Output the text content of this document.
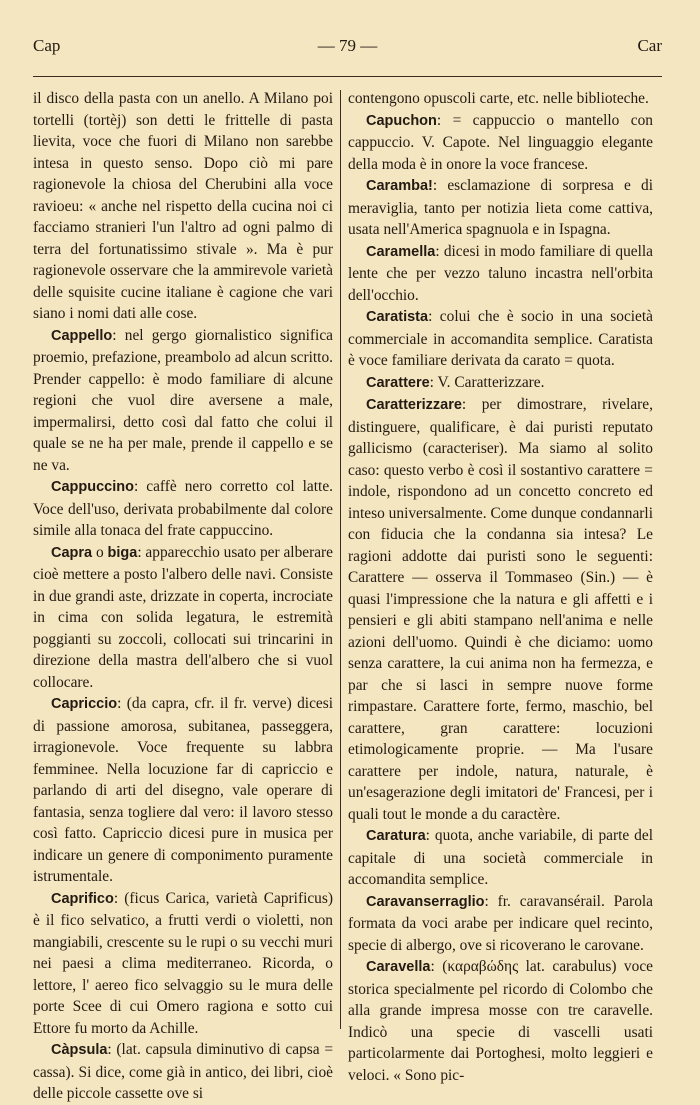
Cap	— 79 —	Car

il disco della pasta con un anello. A Milano poi tortelli (tortèj) son detti le frittelle di pasta lievita, voce che fuori di Milano non sarebbe intesa in questo senso. Dopo ciò mi pare ragionevole la chiosa del Cherubini alla voce ravioeu: « anche nel rispetto della cucina noi ci facciamo stranieri l'un l'altro ad ogni palmo di terra del fortunatissimo stivale ». Ma è pur ragionevole osservare che la ammirevole varietà delle squisite cucine italiane è cagione che vari siano i nomi dati alle cose.

Cappello: nel gergo giornalistico significa proemio, prefazione, preambolo ad alcun scritto. Prender cappello: è modo familiare di alcune regioni che vuol dire aversene a male, impermalirsi, detto così dal fatto che colui il quale se ne ha per male, prende il cappello e se ne va.

Cappuccino: caffè nero corretto col latte. Voce dell'uso, derivata probabilmente dal colore simile alla tonaca del frate cappuccino.

Capra o biga: apparecchio usato per alberare cioè mettere a posto l'albero delle navi. Consiste in due grandi aste, drizzate in coperta, incrociate in cima con solida legatura, le estremità poggianti su zoccoli, collocati sui trincarini in direzione della mastra dell'albero che si vuol collocare.

Capriccio: (da capra, cfr. il fr. verve) dicesi di passione amorosa, subitanea, passeggera, irragionevole. Voce frequente su labbra femminee. Nella locuzione far di capriccio e parlando di arti del disegno, vale operare di fantasia, senza togliere dal vero: il lavoro stesso così fatto. Capriccio dicesi pure in musica per indicare un genere di componimento puramente istrumentale.

Caprifico: (ficus Carica, varietà Caprificus) è il fico selvatico, a frutti verdi o violetti, non mangiabili, crescente su le rupi o su vecchi muri nei paesi a clima mediterraneo. Ricorda, o lettore, l' aereo fico selvaggio su le mura delle porte Scee di cui Omero ragiona e sotto cui Ettore fu morto da Achille.

Càpsula: (lat. capsula diminutivo di capsa = cassa). Si dice, come già in antico, dei libri, cioè delle piccole cassette ove si

contengono opuscoli carte, etc. nelle biblioteche.

Capuchon: = cappuccio o mantello con cappuccio. V. Capote. Nel linguaggio elegante della moda è in onore la voce francese.

Caramba!: esclamazione di sorpresa e di meraviglia, tanto per notizia lieta come cattiva, usata nell'America spagnuola e in Ispagna.

Caramella: dicesi in modo familiare di quella lente che per vezzo taluno incastra nell'orbita dell'occhio.

Caratista: colui che è socio in una società commerciale in accomandita semplice. Caratista è voce familiare derivata da carato = quota.

Carattere: V. Caratterizzare.

Caratterizzare: per dimostrare, rivelare, distinguere, qualificare, è dai puristi reputato gallicismo (caracteriser). Ma siamo al solito caso: questo verbo è così il sostantivo carattere = indole, rispondono ad un concetto concreto ed inteso universalmente. Come dunque condannarli con fiducia che la condanna sia intesa? Le ragioni addotte dai puristi sono le seguenti: Carattere — osserva il Tommaseo (Sin.) — è quasi l'impressione che la natura e gli affetti e i pensieri e gli abiti stampano nell'anima e nelle azioni dell'uomo. Quindi è che diciamo: uomo senza carattere, la cui anima non ha fermezza, e par che si lasci in sempre nuove forme rimpastare. Carattere forte, fermo, maschio, bel carattere, gran carattere: locuzioni etimologicamente proprie. — Ma l'usare carattere per indole, natura, naturale, è un'esagerazione degli imitatori de' Francesi, per i quali tout le monde a du caractère.

Caratura: quota, anche variabile, di parte del capitale di una società commerciale in accomandita semplice.

Caravanserraglio: fr. caravansérail. Parola formata da voci arabe per indicare quel recinto, specie di albergo, ove si ricoverano le carovane.

Caravella: (καραβώδης lat. carabulus) voce storica specialmente pel ricordo di Colombo che alla grande impresa mosse con tre caravelle. Indicò una specie di vascelli usati particolarmente dai Portoghesi, molto leggieri e veloci. « Sono pic-
